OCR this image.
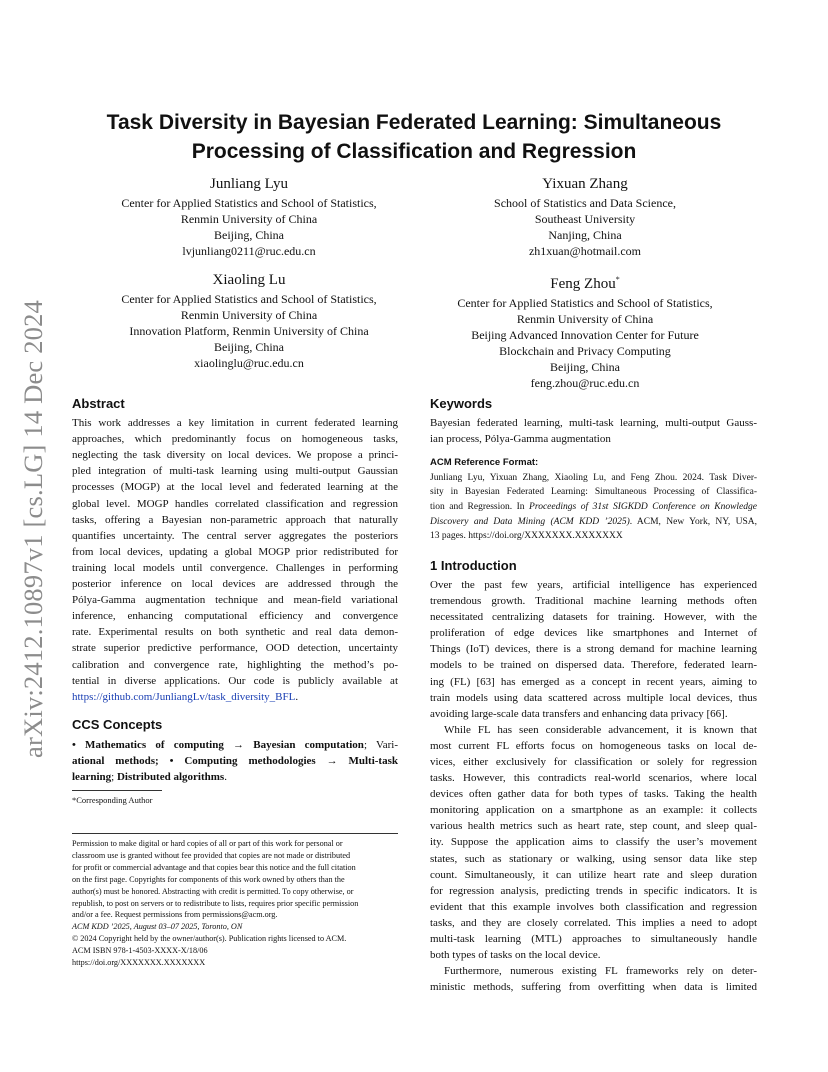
arXiv:2412.10897v1 [cs.LG] 14 Dec 2024
Task Diversity in Bayesian Federated Learning: Simultaneous
Processing of Classification and Regression
Junliang Lyu
Center for Applied Statistics and School of Statistics,
Renmin University of China
Beijing, China
lvjunliang0211@ruc.edu.cn
Yixuan Zhang
School of Statistics and Data Science,
Southeast University
Nanjing, China
zh1xuan@hotmail.com
Xiaoling Lu
Center for Applied Statistics and School of Statistics,
Renmin University of China
Innovation Platform, Renmin University of China
Beijing, China
xiaolinglu@ruc.edu.cn
Feng Zhou*
Center for Applied Statistics and School of Statistics,
Renmin University of China
Beijing Advanced Innovation Center for Future
Blockchain and Privacy Computing
Beijing, China
feng.zhou@ruc.edu.cn
Abstract
This work addresses a key limitation in current federated learning
approaches, which predominantly focus on homogeneous tasks,
neglecting the task diversity on local devices. We propose a princi-
pled integration of multi-task learning using multi-output Gaussian
processes (MOGP) at the local level and federated learning at the
global level. MOGP handles correlated classification and regression
tasks, offering a Bayesian non-parametric approach that naturally
quantifies uncertainty. The central server aggregates the posteriors
from local devices, updating a global MOGP prior redistributed for
training local models until convergence. Challenges in performing
posterior inference on local devices are addressed through the
Pólya-Gamma augmentation technique and mean-field variational
inference, enhancing computational efficiency and convergence
rate. Experimental results on both synthetic and real data demon-
strate superior predictive performance, OOD detection, uncertainty
calibration and convergence rate, highlighting the method’s po-
tential in diverse applications. Our code is publicly available at
https://github.com/JunliangLv/task_diversity_BFL.
CCS Concepts
• Mathematics of computing → Bayesian computation; Vari-
ational methods; • Computing methodologies → Multi-task
learning; Distributed algorithms.
*Corresponding Author
Permission to make digital or hard copies of all or part of this work for personal or
classroom use is granted without fee provided that copies are not made or distributed
for profit or commercial advantage and that copies bear this notice and the full citation
on the first page. Copyrights for components of this work owned by others than the
author(s) must be honored. Abstracting with credit is permitted. To copy otherwise, or
republish, to post on servers or to redistribute to lists, requires prior specific permission
and/or a fee. Request permissions from permissions@acm.org.
ACM KDD ’2025, August 03–07 2025, Toronto, ON
© 2024 Copyright held by the owner/author(s). Publication rights licensed to ACM.
ACM ISBN 978-1-4503-XXXX-X/18/06
https://doi.org/XXXXXXX.XXXXXXX
Keywords
Bayesian federated learning, multi-task learning, multi-output Gauss-
ian process, Pólya-Gamma augmentation
ACM Reference Format:
Junliang Lyu, Yixuan Zhang, Xiaoling Lu, and Feng Zhou. 2024. Task Diver-
sity in Bayesian Federated Learning: Simultaneous Processing of Classifica-
tion and Regression. In Proceedings of 31st SIGKDD Conference on Knowledge
Discovery and Data Mining (ACM KDD ’2025). ACM, New York, NY, USA,
13 pages. https://doi.org/XXXXXXX.XXXXXXX
1 Introduction
Over the past few years, artificial intelligence has experienced
tremendous growth. Traditional machine learning methods often
necessitated centralizing datasets for training. However, with the
proliferation of edge devices like smartphones and Internet of
Things (IoT) devices, there is a strong demand for machine learning
models to be trained on dispersed data. Therefore, federated learn-
ing (FL) [63] has emerged as a concept in recent years, aiming to
train models using data scattered across multiple local devices, thus
avoiding large-scale data transfers and enhancing data privacy [66].
While FL has seen considerable advancement, it is known that
most current FL efforts focus on homogeneous tasks on local de-
vices, either exclusively for classification or solely for regression
tasks. However, this contradicts real-world scenarios, where local
devices often gather data for both types of tasks. Taking the health
monitoring application on a smartphone as an example: it collects
various health metrics such as heart rate, step count, and sleep qual-
ity. Suppose the application aims to classify the user’s movement
states, such as stationary or walking, using sensor data like step
count. Simultaneously, it can utilize heart rate and sleep duration
for regression analysis, predicting trends in specific indicators. It is
evident that this example involves both classification and regression
tasks, and they are closely correlated. This implies a need to adopt
multi-task learning (MTL) approaches to simultaneously handle
both types of tasks on the local device.
Furthermore, numerous existing FL frameworks rely on deter-
ministic methods, suffering from overfitting when data is limited
